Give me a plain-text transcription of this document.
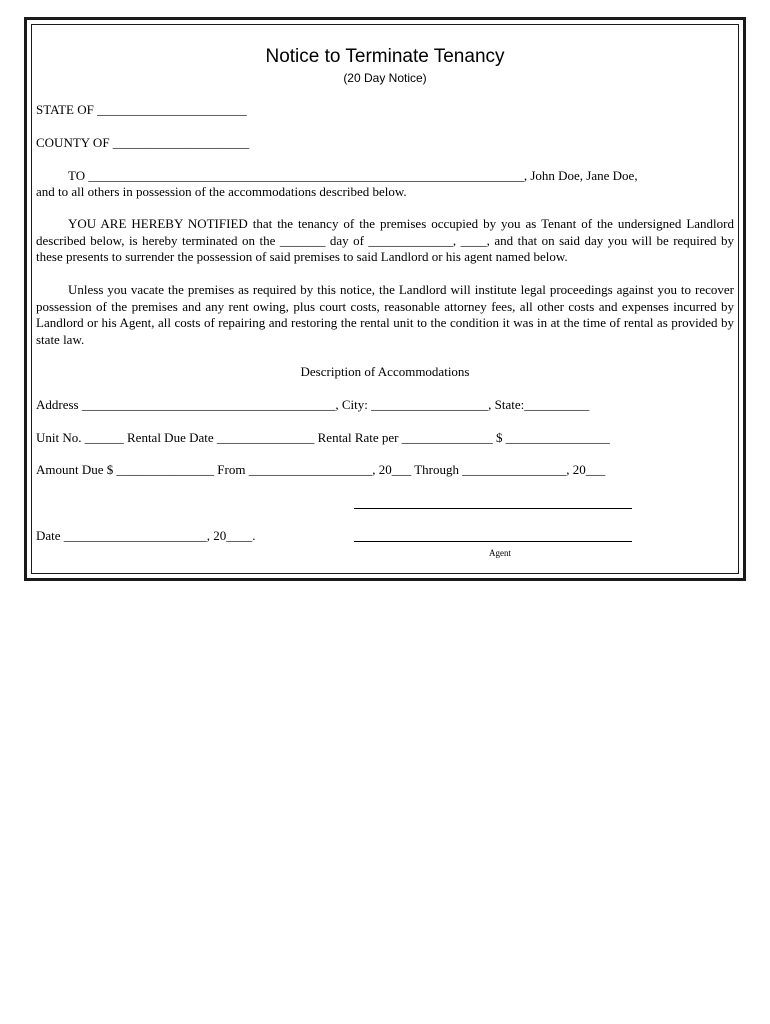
Notice to Terminate Tenancy
(20 Day Notice)
STATE OF _______________________
COUNTY OF _____________________
TO ___________________________________________________________________, John Doe, Jane Doe,
and to all others in possession of the accommodations described below.
YOU ARE HEREBY NOTIFIED that the tenancy of the premises occupied by you as Tenant of the undersigned Landlord described below, is hereby terminated on the _______ day of _____________, ____, and that on said day you will be required by these presents to surrender the possession of said premises to said Landlord or his agent named below.
Unless you vacate the premises as required by this notice, the Landlord will institute legal proceedings against you to recover possession of the premises and any rent owing, plus court costs, reasonable attorney fees, all other costs and expenses incurred by Landlord or his Agent, all costs of repairing and restoring the rental unit to the condition it was in at the time of rental as provided by state law.
Description of Accommodations
Address _______________________________________, City: __________________, State:__________
Unit No. ______ Rental Due Date _______________ Rental Rate per ______________ $ ________________
Amount Due $ _______________ From ___________________, 20___ Through ________________, 20___
Date ______________________, 20____.
Agent
